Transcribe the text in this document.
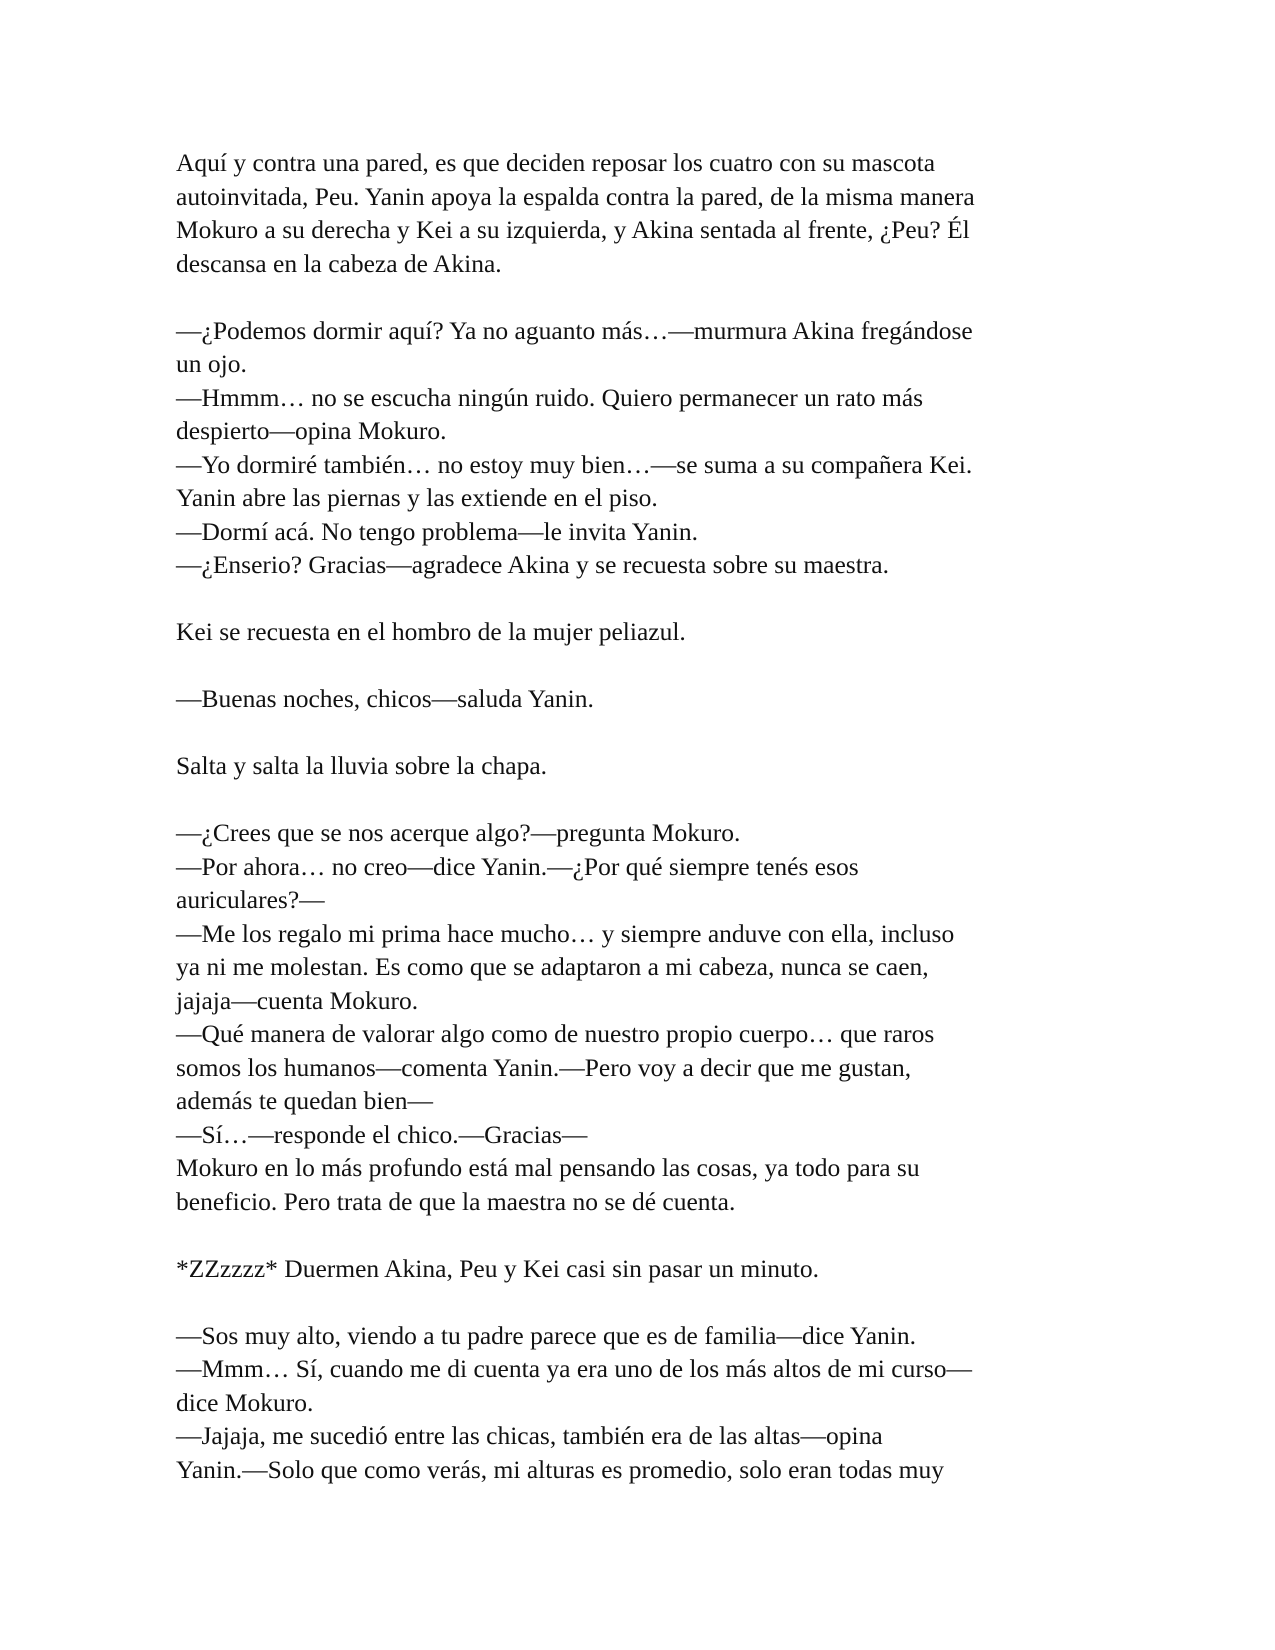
Aquí y contra una pared, es que deciden reposar los cuatro con su mascota
autoinvitada, Peu. Yanin apoya la espalda contra la pared, de la misma manera
Mokuro a su derecha y Kei a su izquierda, y Akina sentada al frente, ¿Peu? Él
descansa en la cabeza de Akina.
—¿Podemos dormir aquí? Ya no aguanto más…—murmura Akina fregándose
un ojo.
—Hmmm… no se escucha ningún ruido. Quiero permanecer un rato más
despierto—opina Mokuro.
—Yo dormiré también… no estoy muy bien…—se suma a su compañera Kei.
Yanin abre las piernas y las extiende en el piso.
—Dormí acá. No tengo problema—le invita Yanin.
—¿Enserio? Gracias—agradece Akina y se recuesta sobre su maestra.
Kei se recuesta en el hombro de la mujer peliazul.
—Buenas noches, chicos—saluda Yanin.
Salta y salta la lluvia sobre la chapa.
—¿Crees que se nos acerque algo?—pregunta Mokuro.
—Por ahora… no creo—dice Yanin.—¿Por qué siempre tenés esos
auriculares?—
—Me los regalo mi prima hace mucho… y siempre anduve con ella, incluso
ya ni me molestan. Es como que se adaptaron a mi cabeza, nunca se caen,
jajaja—cuenta Mokuro.
—Qué manera de valorar algo como de nuestro propio cuerpo… que raros
somos los humanos—comenta Yanin.—Pero voy a decir que me gustan,
además te quedan bien—
—Sí…—responde el chico.—Gracias—
Mokuro en lo más profundo está mal pensando las cosas, ya todo para su
beneficio. Pero trata de que la maestra no se dé cuenta.
*ZZzzzz* Duermen Akina, Peu y Kei casi sin pasar un minuto.
—Sos muy alto, viendo a tu padre parece que es de familia—dice Yanin.
—Mmm… Sí, cuando me di cuenta ya era uno de los más altos de mi curso—
dice Mokuro.
—Jajaja, me sucedió entre las chicas, también era de las altas—opina
Yanin.—Solo que como verás, mi alturas es promedio, solo eran todas muy
